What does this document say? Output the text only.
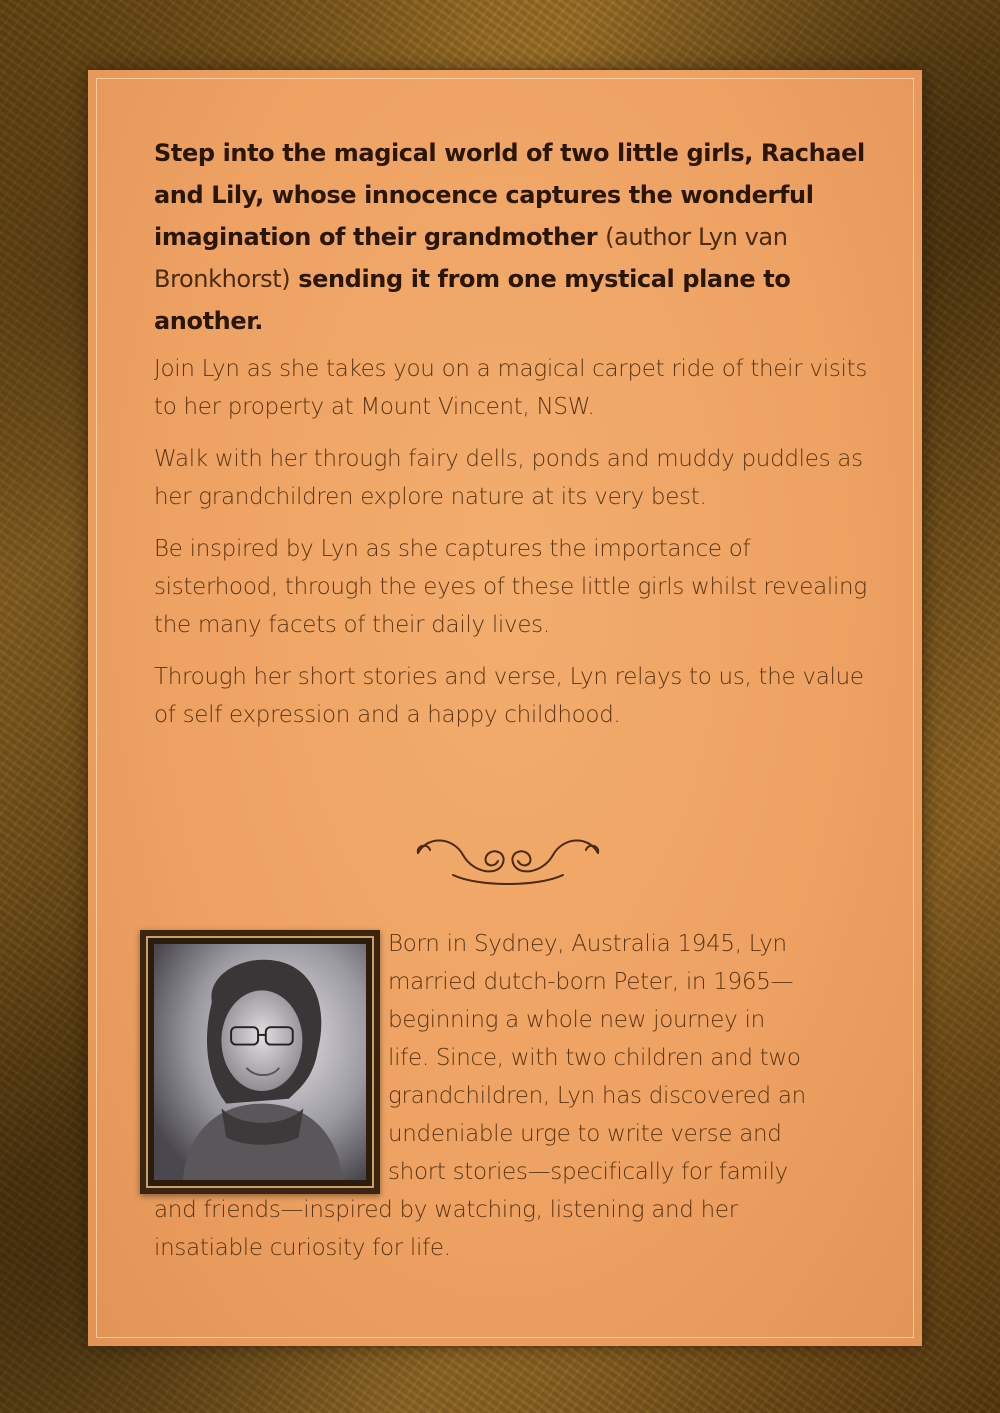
Step into the magical world of two little girls, Rachael and Lily, whose innocence captures the wonderful imagination of their grandmother (author Lyn van Bronkhorst) sending it from one mystical plane to another.

Join Lyn as she takes you on a magical carpet ride of their visits to her property at Mount Vincent, NSW.

Walk with her through fairy dells, ponds and muddy puddles as her grandchildren explore nature at its very best.

Be inspired by Lyn as she captures the importance of sisterhood, through the eyes of these little girls whilst revealing the many facets of their daily lives.

Through her short stories and verse, Lyn relays to us, the value of self expression and a happy childhood.

Born in Sydney, Australia 1945, Lyn
married dutch-born Peter, in 1965—
beginning a whole new journey in
life. Since, with two children and two
grandchildren, Lyn has discovered an
undeniable urge to write verse and
short stories—specifically for family
and friends—inspired by watching, listening and her
insatiable curiosity for life.
